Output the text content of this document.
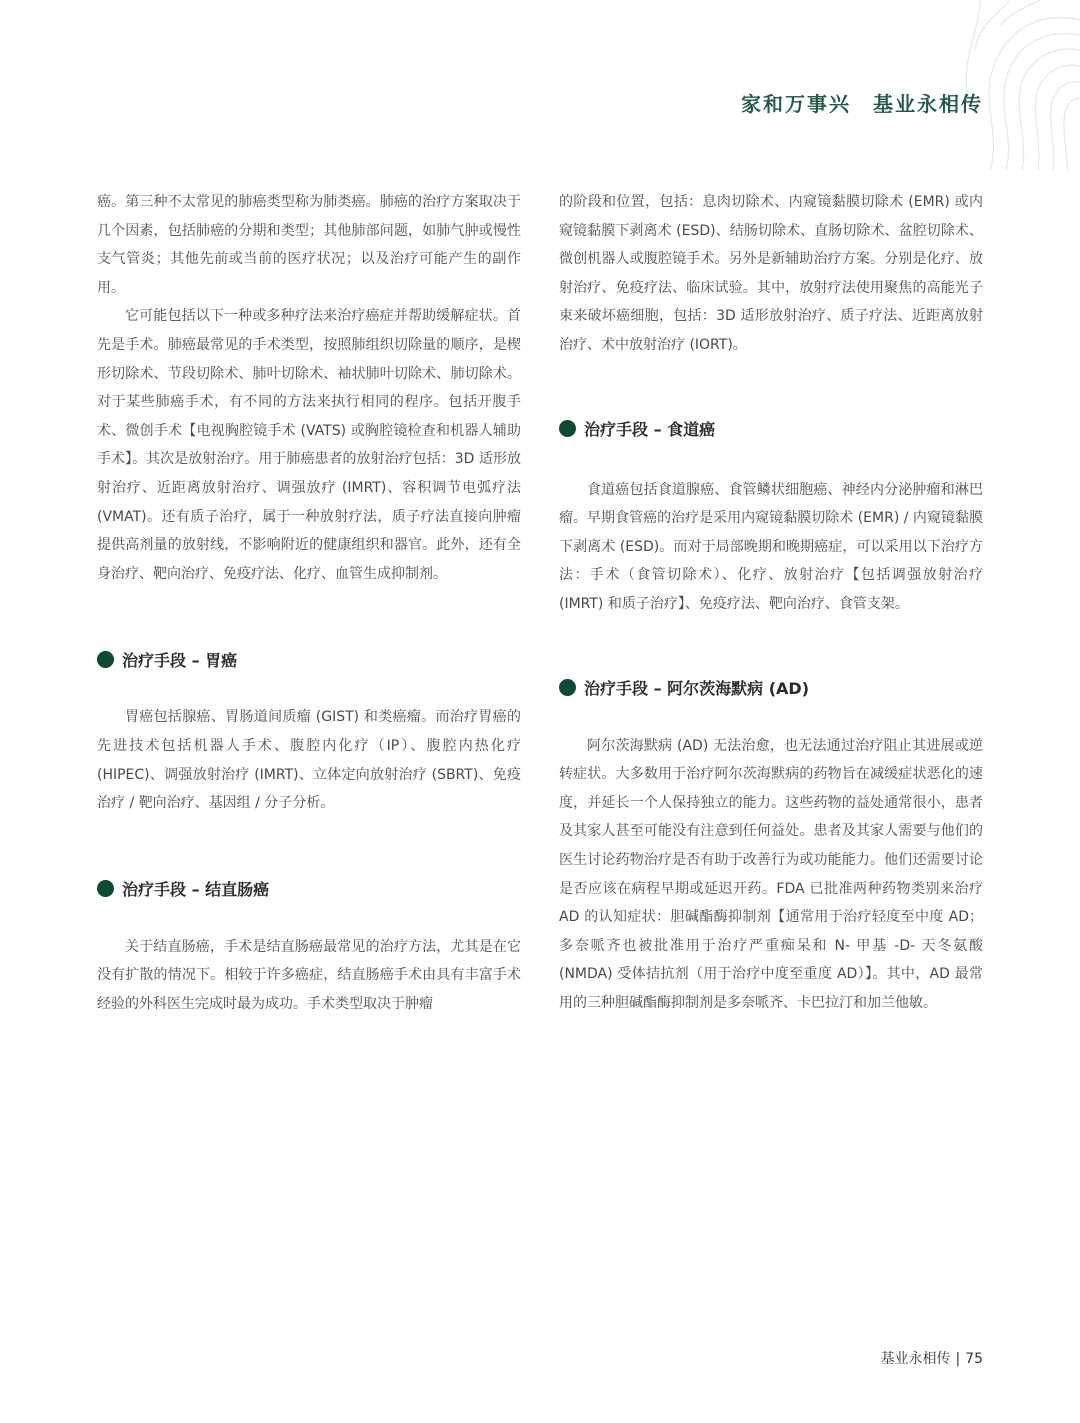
家和万事兴　基业永相传

癌。第三种不太常见的肺癌类型称为肺类癌。肺癌的治疗方案取决于几个因素，包括肺癌的分期和类型；其他肺部问题，如肺气肿或慢性支气管炎；其他先前或当前的医疗状况；以及治疗可能产生的副作用。

它可能包括以下一种或多种疗法来治疗癌症并帮助缓解症状。首先是手术。肺癌最常见的手术类型，按照肺组织切除量的顺序，是楔形切除术、节段切除术、肺叶切除术、袖状肺叶切除术、肺切除术。对于某些肺癌手术，有不同的方法来执行相同的程序。包括开腹手术、微创手术【电视胸腔镜手术 (VATS) 或胸腔镜检查和机器人辅助手术】。其次是放射治疗。用于肺癌患者的放射治疗包括：3D 适形放射治疗、近距离放射治疗、调强放疗 (IMRT)、容积调节电弧疗法 (VMAT)。还有质子治疗，属于一种放射疗法，质子疗法直接向肿瘤提供高剂量的放射线，不影响附近的健康组织和器官。此外，还有全身治疗、靶向治疗、免疫疗法、化疗、血管生成抑制剂。

治疗手段 – 胃癌

胃癌包括腺癌、胃肠道间质瘤 (GIST) 和类癌瘤。而治疗胃癌的先进技术包括机器人手术、腹腔内化疗（IP）、腹腔内热化疗 (HIPEC)、调强放射治疗 (IMRT)、立体定向放射治疗 (SBRT)、免疫治疗 / 靶向治疗、基因组 / 分子分析。

治疗手段 – 结直肠癌

关于结直肠癌，手术是结直肠癌最常见的治疗方法，尤其是在它没有扩散的情况下。相较于许多癌症，结直肠癌手术由具有丰富手术经验的外科医生完成时最为成功。手术类型取决于肿瘤

的阶段和位置，包括：息肉切除术、内窥镜黏膜切除术 (EMR) 或内窥镜黏膜下剥离术 (ESD)、结肠切除术、直肠切除术、盆腔切除术、微创机器人或腹腔镜手术。另外是新辅助治疗方案。分别是化疗、放射治疗、免疫疗法、临床试验。其中，放射疗法使用聚焦的高能光子束来破坏癌细胞，包括：3D 适形放射治疗、质子疗法、近距离放射治疗、术中放射治疗 (IORT)。

治疗手段 – 食道癌

食道癌包括食道腺癌、食管鳞状细胞癌、神经内分泌肿瘤和淋巴瘤。早期食管癌的治疗是采用内窥镜黏膜切除术 (EMR) / 内窥镜黏膜下剥离术 (ESD)。而对于局部晚期和晚期癌症，可以采用以下治疗方法：手术（食管切除术）、化疗、放射治疗【包括调强放射治疗 (IMRT) 和质子治疗】、免疫疗法、靶向治疗、食管支架。

治疗手段 – 阿尔茨海默病 (AD)

阿尔茨海默病 (AD) 无法治愈，也无法通过治疗阻止其进展或逆转症状。大多数用于治疗阿尔茨海默病的药物旨在减缓症状恶化的速度，并延长一个人保持独立的能力。这些药物的益处通常很小，患者及其家人甚至可能没有注意到任何益处。患者及其家人需要与他们的医生讨论药物治疗是否有助于改善行为或功能能力。他们还需要讨论是否应该在病程早期或延迟开药。FDA 已批准两种药物类别来治疗 AD 的认知症状：胆碱酯酶抑制剂【通常用于治疗轻度至中度 AD；多奈哌齐也被批准用于治疗严重痴呆和 N- 甲基 -D- 天冬氨酸 (NMDA) 受体拮抗剂（用于治疗中度至重度 AD）】。其中，AD 最常用的三种胆碱酯酶抑制剂是多奈哌齐、卡巴拉汀和加兰他敏。

基业永相传 | 75
